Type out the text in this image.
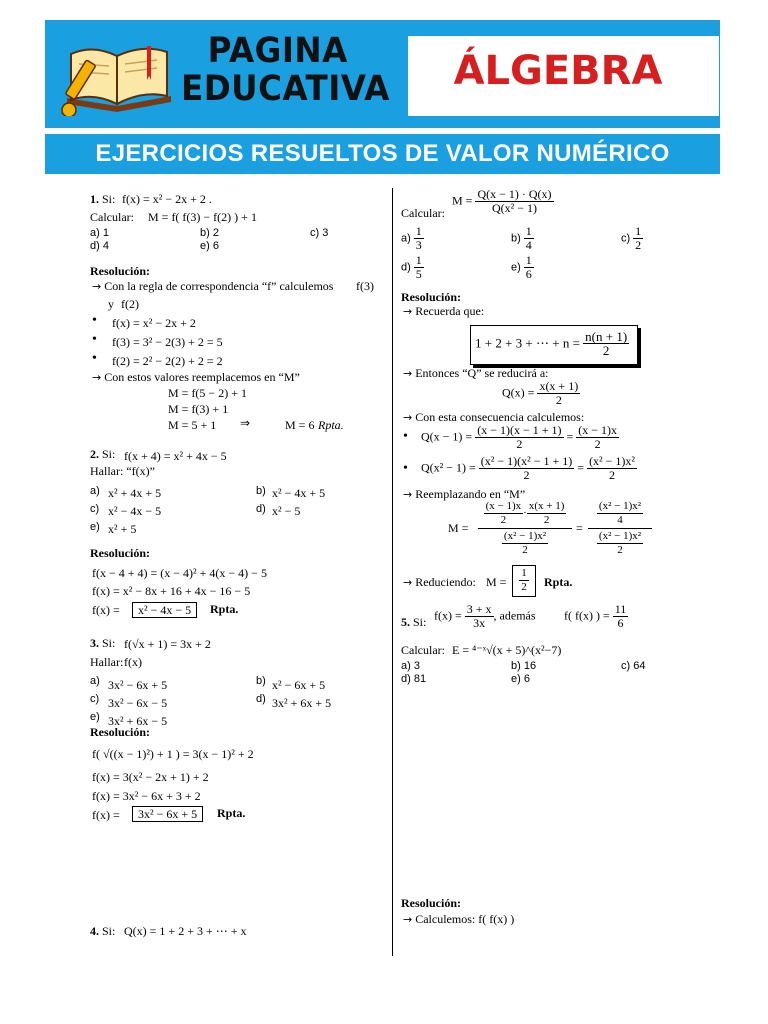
PAGINA
EDUCATIVA	ÁLGEBRA
EJERCICIOS RESUELTOS DE VALOR NUMÉRICO
1. Si: f(x) = x² − 2x + 2 .
Calcular: M = f( f(3) − f(2) ) + 1
a) 1	b) 2	c) 3
d) 4	e) 6
Resolución:
→ Con la regla de correspondencia “f” calculemos f(3)
y f(2)
• f(x) = x² − 2x + 2
• f(3) = 3² − 2(3) + 2 = 5
• f(2) = 2² − 2(2) + 2 = 2
→ Con estos valores reemplacemos en “M”
M = f(5 − 2) + 1
M = f(3) + 1
M = 5 + 1 ⇒	M = 6 Rpta.
2. Si: f(x + 4) = x² + 4x − 5
Hallar: “f(x)”
a) x² + 4x + 5	b) x² − 4x + 5
c) x² − 4x − 5	d) x² − 5
e) x² + 5
Resolución:
f(x − 4 + 4) = (x − 4)² + 4(x − 4) − 5
f(x) = x² − 8x + 16 + 4x − 16 − 5
f(x) =	x² − 4x − 5	Rpta.
3. Si: f(√x + 1) = 3x + 2
Hallar: f(x)
a) 3x² − 6x + 5	b) x² − 6x + 5
c) 3x² − 6x − 5	d) 3x² + 6x + 5
e) 3x² + 6x − 5
Resolución:
f( √((x − 1)²) + 1 ) = 3(x − 1)² + 2
f(x) = 3(x² − 2x + 1) + 2
f(x) = 3x² − 6x + 3 + 2
f(x) =	3x² − 6x + 5	Rpta.
4. Si: Q(x) = 1 + 2 + 3 + ⋯ + x
Calcular:
$M = \frac{Q(x - 1) \cdot Q(x)}{\text{Q(x² − 1)}}$
$a) \frac{1}{3}$	$b) \frac{1}{4}$	$c) \frac{1}{2}$
$d) \frac{1}{5}$	$e) \frac{1}{6}$
Resolución:
→ Recuerda que:
1 + 2 + 3 + ⋯ + $n = \frac{n(n + 1)}{2}$
→ Entonces “Q” se reducirá a:
$Q(x) = \frac{x(x + 1)}{2}$
→ Con esta consecuencia calculemos:
• $Q(x - 1) = \frac{(x - 1)(x - 1 + 1)}{2} = \frac{(x - 1)x}{2}$
• $Q(x^2 - 1) = \frac{\text{(x² − 1)(x² − 1 + 1)}}{2} = \frac{\text{(x² − 1)x²}}{2}$
→ Reemplazando en “M”
$M = \frac{\frac{(x - 1)x}{2} \cdot \frac{x(x + 1)}{2}}{\frac{\text{(x² − 1)x²}}{2}} = \frac{\frac{\text{(x² − 1)x²}}{4}}{\frac{\text{(x² − 1)x²}}{2}}$
→ Reduciendo: $M = \frac{1}{2}$ Rpta.
5. Si: $f(x) = \frac{3 + x}{3x}$ , además f( f(x) ) = $\frac{11}{6}$
Calcular: E = ⁴⁻ˣ√(x + 5)^(x²−7)
a) 3	b) 16	c) 64
d) 81	e) 6
Resolución:
→ Calculemos: f( f(x) )
